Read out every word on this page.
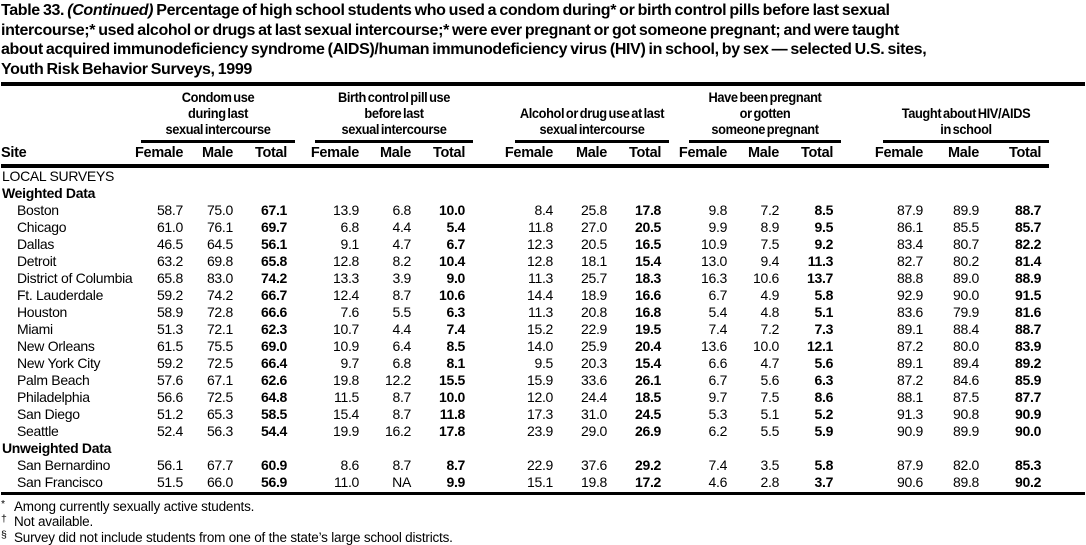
Table 33. (Continued) Percentage of high school students who used a condom during* or birth control pills before last sexual
intercourse;* used alcohol or drugs at last sexual intercourse;* were ever pregnant or got someone pregnant; and were taught
about acquired immunodeficiency syndrome (AIDS)/human immunodeficiency virus (HIV) in school, by sex — selected U.S. sites,
Youth Risk Behavior Surveys, 1999

Condom use
during last
sexual intercourse

Birth control pill use
before last
sexual intercourse

Alcohol or drug use at last
sexual intercourse

Have been pregnant
or gotten
someone pregnant

Taught about HIV/AIDS
in school

Site	Female	Male	Total	Female	Male	Total	Female	Male	Total	Female	Male	Total	Female	Male	Total
LOCAL SURVEYS															
Weighted Data															
Boston	58.7	75.0	67.1	13.9	6.8	10.0	8.4	25.8	17.8	9.8	7.2	8.5	87.9	89.9	88.7
Chicago	61.0	76.1	69.7	6.8	4.4	5.4	11.8	27.0	20.5	9.9	8.9	9.5	86.1	85.5	85.7
Dallas	46.5	64.5	56.1	9.1	4.7	6.7	12.3	20.5	16.5	10.9	7.5	9.2	83.4	80.7	82.2
Detroit	63.2	69.8	65.8	12.8	8.2	10.4	12.8	18.1	15.4	13.0	9.4	11.3	82.7	80.2	81.4
District of Columbia	65.8	83.0	74.2	13.3	3.9	9.0	11.3	25.7	18.3	16.3	10.6	13.7	88.8	89.0	88.9
Ft. Lauderdale	59.2	74.2	66.7	12.4	8.7	10.6	14.4	18.9	16.6	6.7	4.9	5.8	92.9	90.0	91.5
Houston	58.9	72.8	66.6	7.6	5.5	6.3	11.3	20.8	16.8	5.4	4.8	5.1	83.6	79.9	81.6
Miami	51.3	72.1	62.3	10.7	4.4	7.4	15.2	22.9	19.5	7.4	7.2	7.3	89.1	88.4	88.7
New Orleans	61.5	75.5	69.0	10.9	6.4	8.5	14.0	25.9	20.4	13.6	10.0	12.1	87.2	80.0	83.9
New York City	59.2	72.5	66.4	9.7	6.8	8.1	9.5	20.3	15.4	6.6	4.7	5.6	89.1	89.4	89.2
Palm Beach	57.6	67.1	62.6	19.8	12.2	15.5	15.9	33.6	26.1	6.7	5.6	6.3	87.2	84.6	85.9
Philadelphia	56.6	72.5	64.8	11.5	8.7	10.0	12.0	24.4	18.5	9.7	7.5	8.6	88.1	87.5	87.7
San Diego	51.2	65.3	58.5	15.4	8.7	11.8	17.3	31.0	24.5	5.3	5.1	5.2	91.3	90.8	90.9
Seattle	52.4	56.3	54.4	19.9	16.2	17.8	23.9	29.0	26.9	6.2	5.5	5.9	90.9	89.9	90.0
Unweighted Data															
San Bernardino	56.1	67.7	60.9	8.6	8.7	8.7	22.9	37.6	29.2	7.4	3.5	5.8	87.9	82.0	85.3
San Francisco	51.5	66.0	56.9	11.0	NA	9.9	15.1	19.8	17.2	4.6	2.8	3.7	90.6	89.8	90.2
* Among currently sexually active students.
† Not available.
§ Survey did not include students from one of the state’s large school districts.
